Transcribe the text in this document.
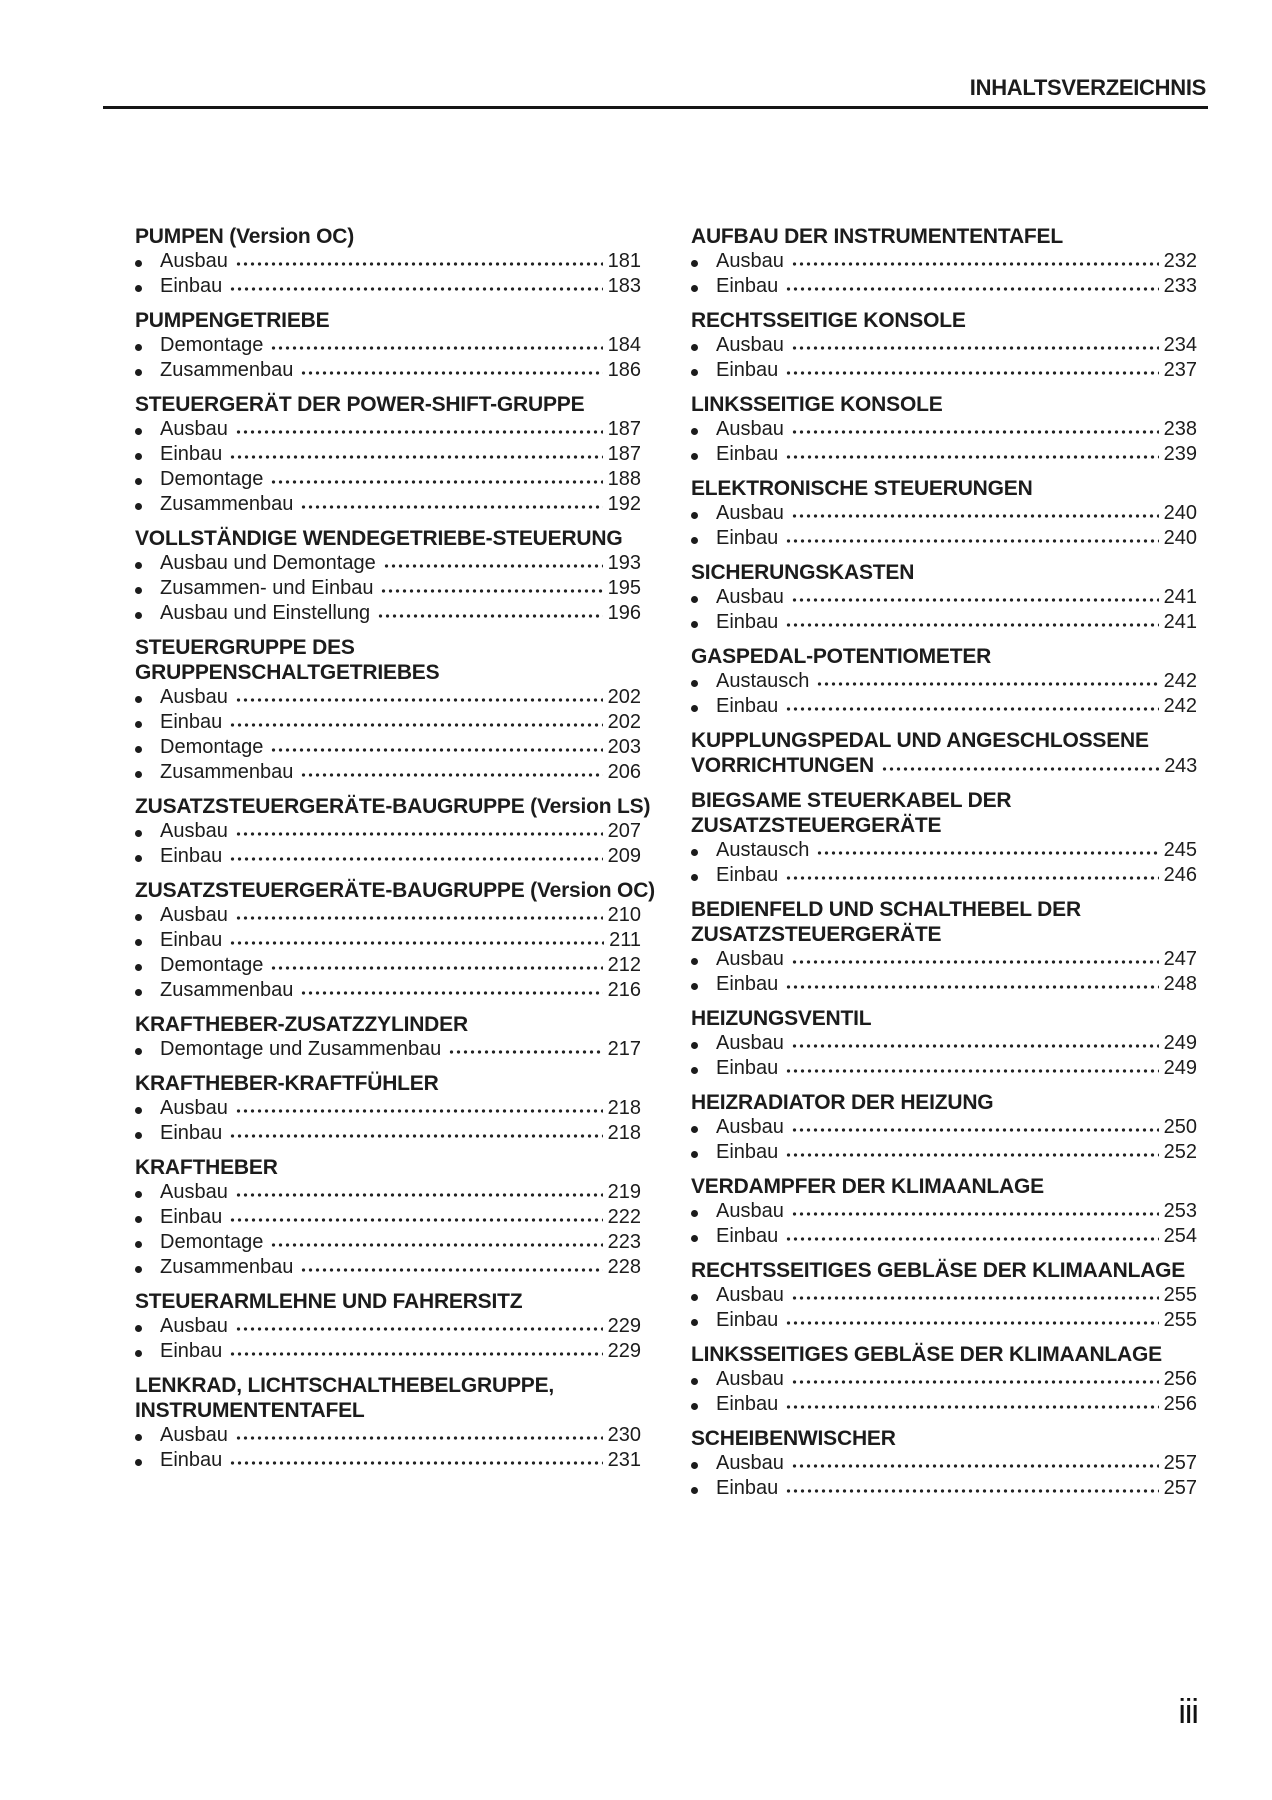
INHALTSVERZEICHNIS
PUMPEN (Version OC)
Ausbau	181
Einbau	183
PUMPENGETRIEBE
Demontage	184
Zusammenbau	186
STEUERGERÄT DER POWER-SHIFT-GRUPPE
Ausbau	187
Einbau	187
Demontage	188
Zusammenbau	192
VOLLSTÄNDIGE WENDEGETRIEBE-STEUERUNG
Ausbau und Demontage	193
Zusammen- und Einbau	195
Ausbau und Einstellung	196
STEUERGRUPPE DES
GRUPPENSCHALTGETRIEBES
Ausbau	202
Einbau	202
Demontage	203
Zusammenbau	206
ZUSATZSTEUERGERÄTE-BAUGRUPPE (Version LS)
Ausbau	207
Einbau	209
ZUSATZSTEUERGERÄTE-BAUGRUPPE (Version OC)
Ausbau	210
Einbau	211
Demontage	212
Zusammenbau	216
KRAFTHEBER-ZUSATZZYLINDER
Demontage und Zusammenbau	217
KRAFTHEBER-KRAFTFÜHLER
Ausbau	218
Einbau	218
KRAFTHEBER
Ausbau	219
Einbau	222
Demontage	223
Zusammenbau	228
STEUERARMLEHNE UND FAHRERSITZ
Ausbau	229
Einbau	229
LENKRAD, LICHTSCHALTHEBELGRUPPE,
INSTRUMENTENTAFEL
Ausbau	230
Einbau	231
AUFBAU DER INSTRUMENTENTAFEL
Ausbau	232
Einbau	233
RECHTSSEITIGE KONSOLE
Ausbau	234
Einbau	237
LINKSSEITIGE KONSOLE
Ausbau	238
Einbau	239
ELEKTRONISCHE STEUERUNGEN
Ausbau	240
Einbau	240
SICHERUNGSKASTEN
Ausbau	241
Einbau	241
GASPEDAL-POTENTIOMETER
Austausch	242
Einbau	242
KUPPLUNGSPEDAL UND ANGESCHLOSSENE
VORRICHTUNGEN	243
BIEGSAME STEUERKABEL DER
ZUSATZSTEUERGERÄTE
Austausch	245
Einbau	246
BEDIENFELD UND SCHALTHEBEL DER
ZUSATZSTEUERGERÄTE
Ausbau	247
Einbau	248
HEIZUNGSVENTIL
Ausbau	249
Einbau	249
HEIZRADIATOR DER HEIZUNG
Ausbau	250
Einbau	252
VERDAMPFER DER KLIMAANLAGE
Ausbau	253
Einbau	254
RECHTSSEITIGES GEBLÄSE DER KLIMAANLAGE
Ausbau	255
Einbau	255
LINKSSEITIGES GEBLÄSE DER KLIMAANLAGE
Ausbau	256
Einbau	256
SCHEIBENWISCHER
Ausbau	257
Einbau	257
iii
